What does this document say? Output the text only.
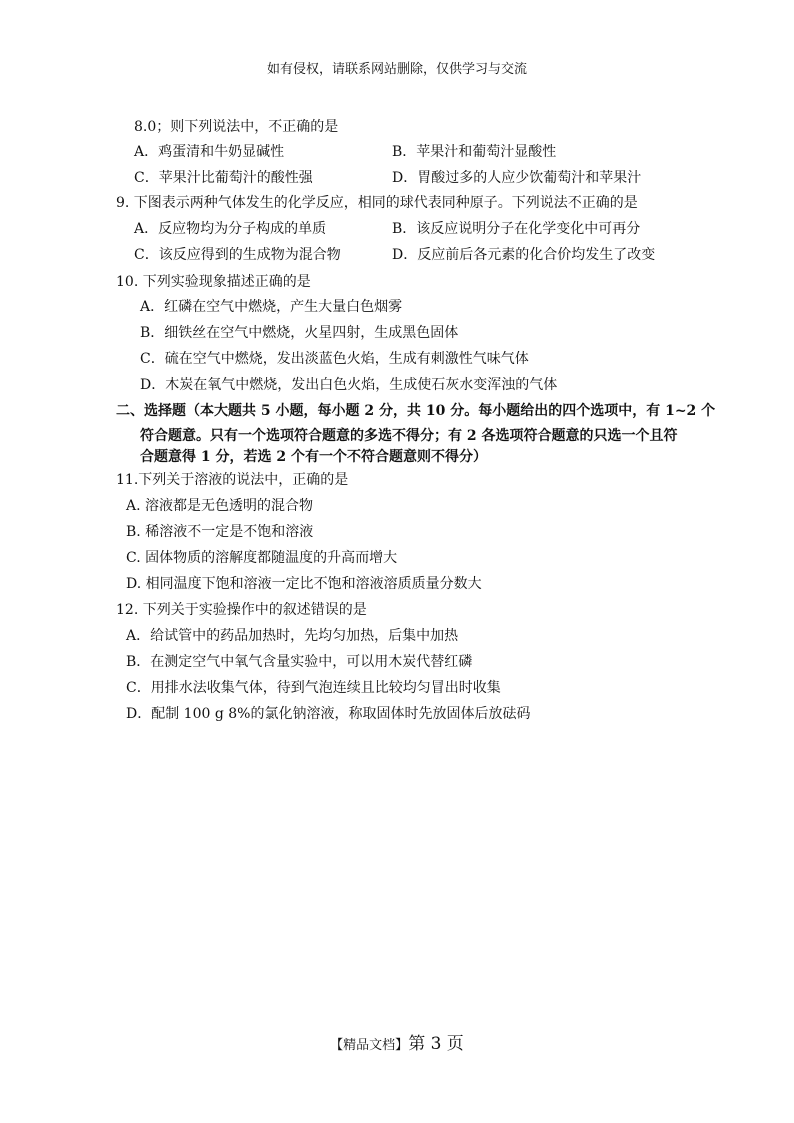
如有侵权，请联系网站删除，仅供学习与交流
8.0；则下列说法中，不正确的是
A．鸡蛋清和牛奶显碱性	B．苹果汁和葡萄汁显酸性
C．苹果汁比葡萄汁的酸性强	D．胃酸过多的人应少饮葡萄汁和苹果汁
9. 下图表示两种气体发生的化学反应，相同的球代表同种原子。下列说法不正确的是
A．反应物均为分子构成的单质	B．该反应说明分子在化学变化中可再分
C．该反应得到的生成物为混合物	D．反应前后各元素的化合价均发生了改变
10. 下列实验现象描述正确的是
A．红磷在空气中燃烧，产生大量白色烟雾
B．细铁丝在空气中燃烧，火星四射，生成黑色固体
C．硫在空气中燃烧，发出淡蓝色火焰，生成有刺激性气味气体
D．木炭在氧气中燃烧，发出白色火焰，生成使石灰水变浑浊的气体
二、选择题（本大题共 5 小题，每小题 2 分，共 10 分。每小题给出的四个选项中，有 1~2 个
符合题意。只有一个选项符合题意的多选不得分；有 2 各选项符合题意的只选一个且符
合题意得 1 分，若选 2 个有一个不符合题意则不得分）
11.下列关于溶液的说法中，正确的是
A. 溶液都是无色透明的混合物
B. 稀溶液不一定是不饱和溶液
C. 固体物质的溶解度都随温度的升高而增大
D. 相同温度下饱和溶液一定比不饱和溶液溶质质量分数大
12. 下列关于实验操作中的叙述错误的是
A．给试管中的药品加热时，先均匀加热，后集中加热
B．在测定空气中氧气含量实验中，可以用木炭代替红磷
C．用排水法收集气体，待到气泡连续且比较均匀冒出时收集
D．配制 100 g 8%的氯化钠溶液，称取固体时先放固体后放砝码
【精品文档】第 3 页
